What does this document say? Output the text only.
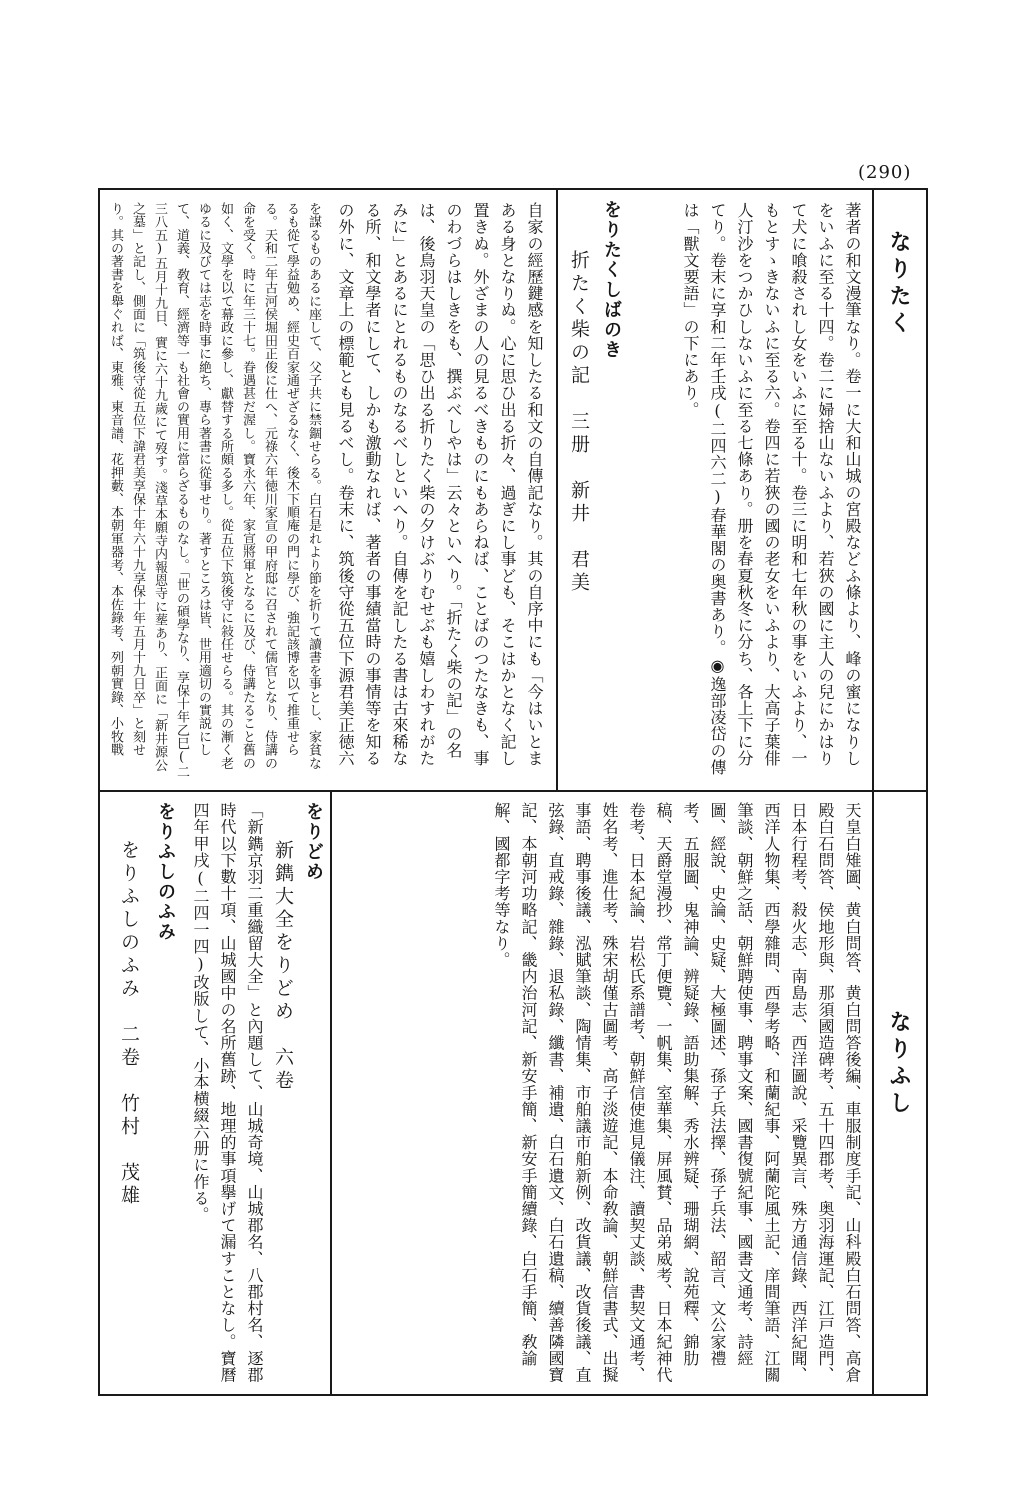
(290)
なりたく
なりふし

著者の和文漫筆なり。卷一に大和山城の宮殿などふ條より、峰の蜜になりしをいふに至る十四。卷二に婦捨山ないふより、若狹の國に主人の兒にかはりて犬に喰殺されし女をいふに至る十。卷三に明和七年秋の事をいふより、一もとすゝきないふに至る六。卷四に若狹の國の老女をいふより、大高子葉俳人汀沙をつかひしないふに至る七條あり。册を春夏秋冬に分ち、各上下に分てり。卷末に享和二年壬戌(二四六二)春華閣の奥書あり。◉逸部凌岱の傳は「獸文要語」の下にあり。

をりたくしばのき
折たく柴の記　三册　新井　君美

自家の經歷鍵感を知したる和文の自傳記なり。其の自序中にも「今はいとまある身となりぬ。心に思ひ出る折々、過ぎにし事ども、そこはかとなく記し置きぬ。外ざまの人の見るべきものにもあらねば、ことばのつたなきも、事のわづらはしきをも、撰ぶべしやは」云々といへり。「折たく柴の記」の名は、後鳥羽天皇の「思ひ出る折りたく柴の夕けぶりむせぶも嬉しわすれがたみに」とあるにとれるものなるべしといへり。自傳を記したる書は古來稀なる所、和文學者にして、しかも激動なれば、著者の事績當時の事情等を知るの外に、文章上の標範とも見るべし。卷末に、筑後守從五位下源君美正徳六

を謀るものあるに座して、父子共に禁錮せらる。白石是れより節を折りて讀書を事とし、家貧なるも從て學益勉め、經史百家通ぜざるなく、後木下順庵の門に學び、強記該博を以て推重せらる。天和二年古河侯堀田正俊に仕へ、元祿六年徳川家宣の甲府邸に召されて儒官となり、侍講の命を受く。時に年三十七。眷遇甚だ渥し。寶永六年、家宣將軍となるに及び、侍講たること舊の如く、文學を以て幕政に參し、獻替する所頗る多し。從五位下筑後守に敍任せらる。其の漸く老ゆるに及びては志を時事に絶ち、專ら著書に從事せり。著すところは皆、世用適切の實説にして、道義、敎育、經濟等一も社會の實用に當らざるものなし。「世の碩學なり、享保十年乙巳(二三八五)五月十九日、實に六十九歲にて歿す。淺草本願寺内報恩寺に塟あり、正面に「新井源公之墓」と記し、側面に「筑後守從五位下諱君美享保十年六十九享保十年五月十九日卒」と刻せり。其の著書を舉ぐれば、東雅、東音譜、花押藪、本朝軍器考、本佐錄考、列朝實錄、小牧戰

天皇白雉圖、黄白問答、黄白問答後編、車服制度手記、山科殿白石問答、高倉殿白石問答、侯地形與、那須國造碑考、五十四郡考、奥羽海運記、江戸造門、日本行程考、殺火志、南島志、西洋圖說、采覽異言、殊方通信錄、西洋紀聞、西洋人物集、西學雜問、西學考略、和蘭紀事、阿蘭陀風土記、庠間筆語、江關筆談、朝鮮之話、朝鮮聘使事、聘事文案、國書復號紀事、國書文通考、詩經圖、經說、史論、史疑、大極圖述、孫子兵法擇、孫子兵法、韶言、文公家禮考、五服圖、鬼神論、辨疑錄、語助集解、秀水辨疑、珊瑚網、說苑釋、錦肋稿、天爵堂漫抄、常丁便覽、一帆集、室華集、屏風賛、品弟威考、日本紀神代卷考、日本紀論、岩松氏系譜考、朝鮮信使進見儀注、讀契丈談、書契文通考、姓名考、進仕考、殊宋胡僅古圖考、高子淡遊記、本命敎論、朝鮮信書式、出擬事語、聘事後議、泓賦筆談、陶情集、市舶議市舶新例、改貨議、改貨後議、直弦錄、直戒錄、雜錄、退私錄、纖書、補遺、白石遺文、白石遺稿、續善隣國寶記、本朝河功略記、畿内治河記、新安手簡、新安手簡續錄、白石手簡、敎諭解、國都字考等なり。

をりどめ
新鐫大全をりどめ　六卷

「新鐫京羽二重織留大全」と內題して、山城奇境、山城郡名、八郡村名、逐郡時代以下數十項、山城國中の名所舊跡、地理的事項擧げて漏すことなし。寶曆四年甲戌(二四一四)改版して、小本横綴六册に作る。

をりふしのふみ
をりふしのふみ　二卷　竹村　茂雄
